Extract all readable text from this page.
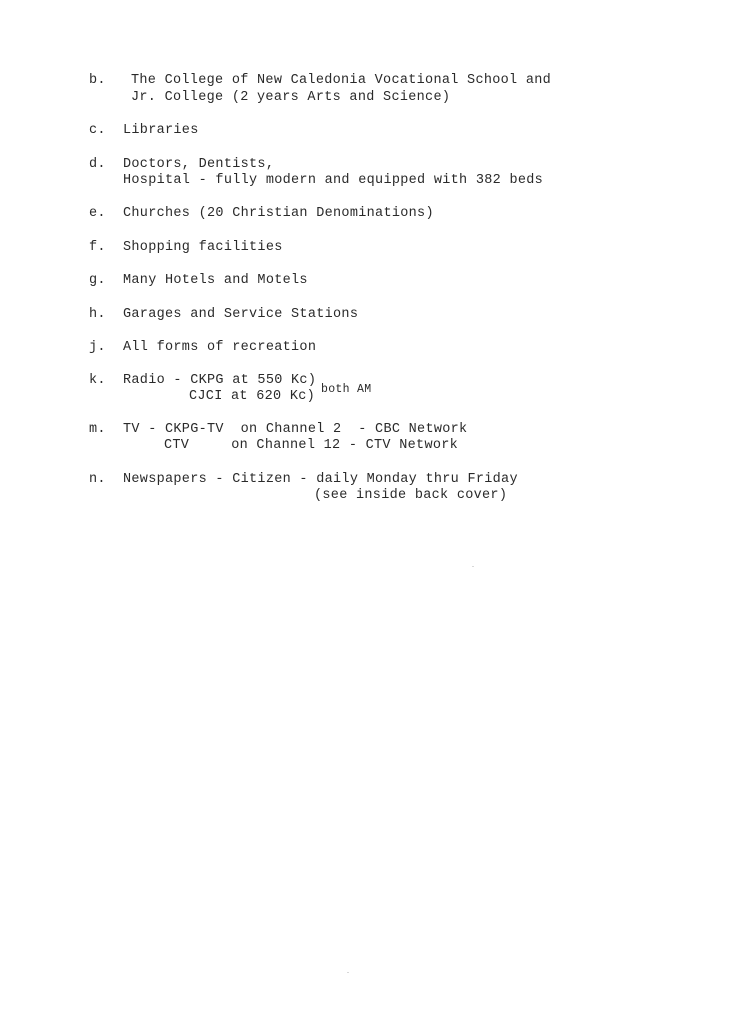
b. The College of New Caledonia Vocational School and
Jr. College (2 years Arts and Science)
c. Libraries
d. Doctors, Dentists,
Hospital - fully modern and equipped with 382 beds
e. Churches (20 Christian Denominations)
f. Shopping facilities
g. Many Hotels and Motels
h. Garages and Service Stations
j. All forms of recreation
k. Radio - CKPG at 550 Kc)
CJCI at 620 Kc) both AM
m. TV - CKPG-TV  on Channel 2  - CBC Network
CTV     on Channel 12 - CTV Network
n. Newspapers - Citizen - daily Monday thru Friday
(see inside back cover)
